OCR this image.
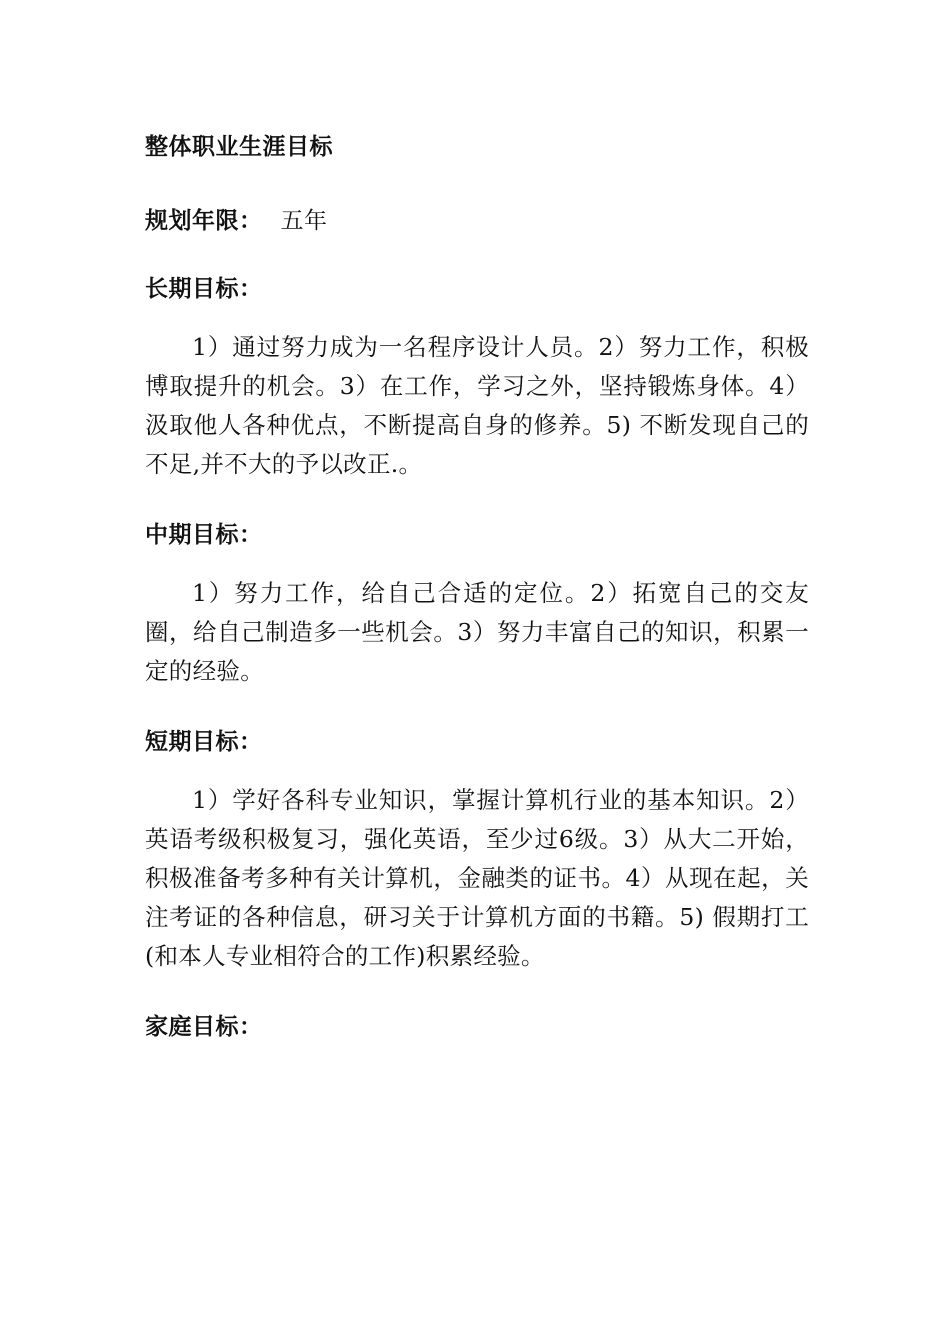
整体职业生涯目标
规划年限： 五年
长期目标：

1）通过努力成为一名程序设计人员。2）努力工作，积极博取提升的机会。3）在工作，学习之外，坚持锻炼身体。4）汲取他人各种优点，不断提高自身的修养。5) 不断发现自己的不足,并不大的予以改正.。

中期目标：

1）努力工作，给自己合适的定位。2）拓宽自己的交友圈，给自己制造多一些机会。3）努力丰富自己的知识，积累一定的经验。

短期目标：

1）学好各科专业知识，掌握计算机行业的基本知识。2）英语考级积极复习，强化英语，至少过6级。3）从大二开始，积极准备考多种有关计算机，金融类的证书。4）从现在起，关注考证的各种信息，研习关于计算机方面的书籍。5) 假期打工(和本人专业相符合的工作)积累经验。

家庭目标：
